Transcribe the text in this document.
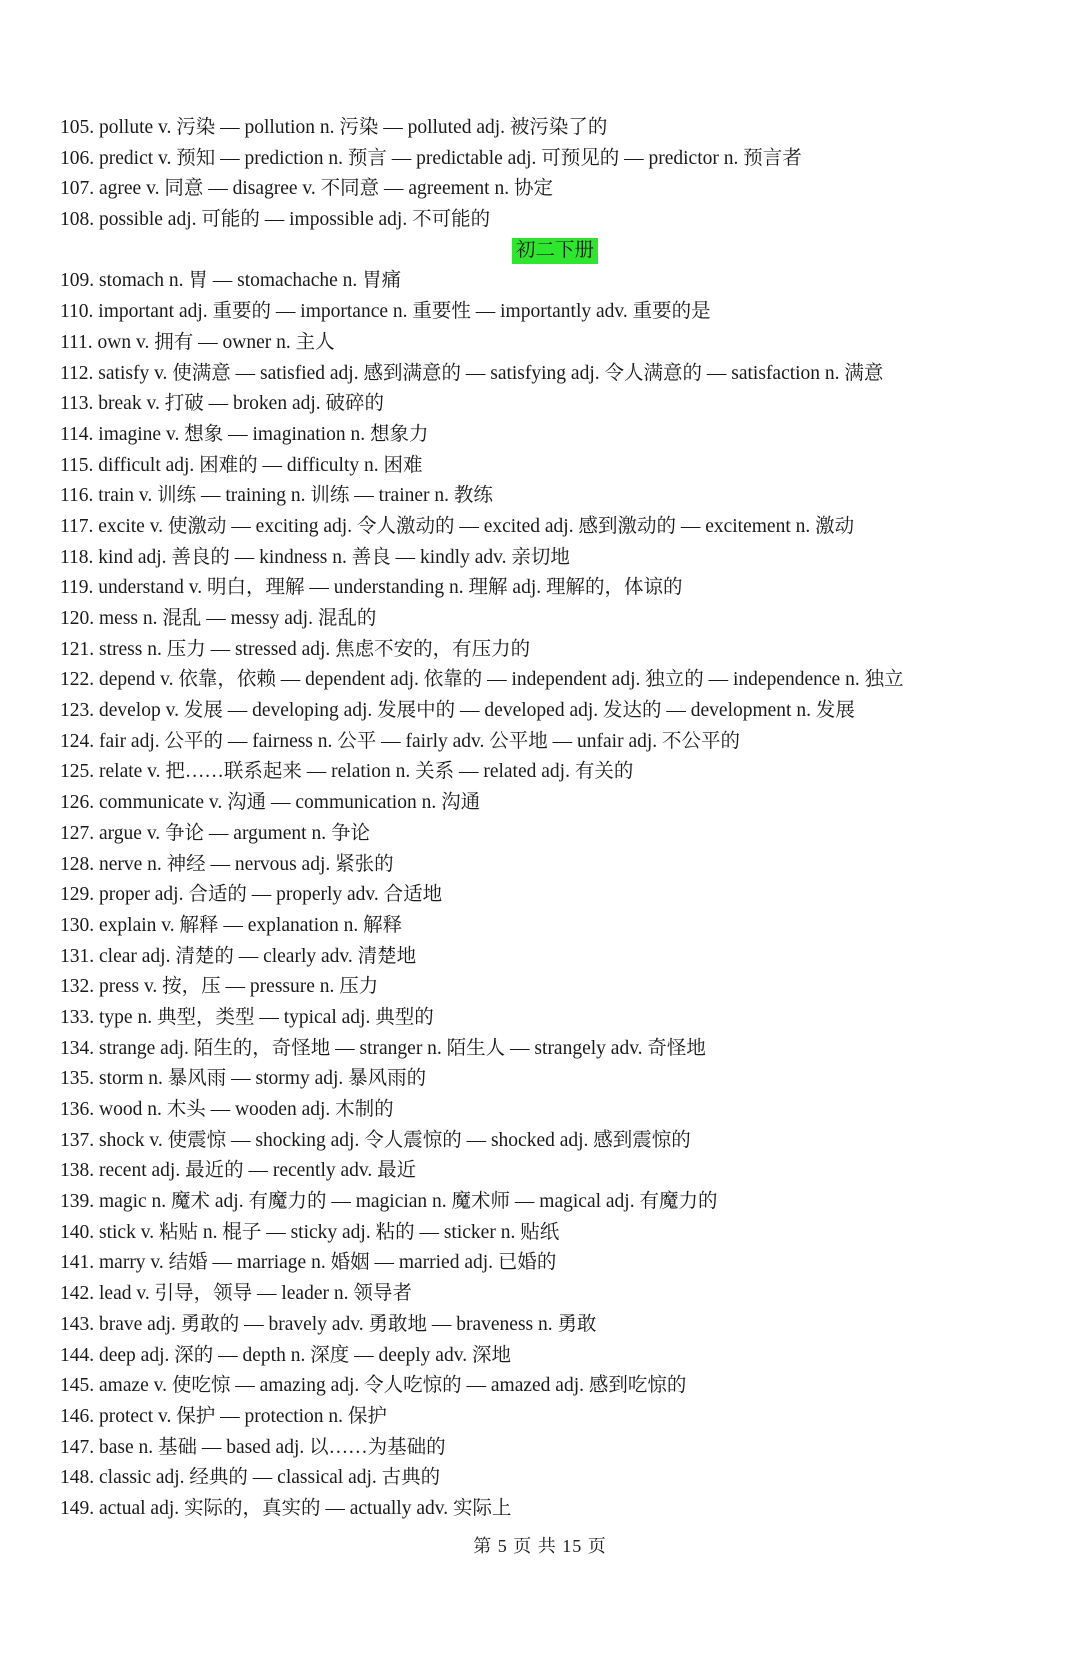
105. pollute v. 污染 — pollution n. 污染 — polluted adj. 被污染了的
106. predict v. 预知 — prediction n. 预言 — predictable adj. 可预见的 — predictor n. 预言者
107. agree v. 同意 — disagree v. 不同意 — agreement n. 协定
108. possible adj. 可能的 — impossible adj. 不可能的
初二下册
109. stomach n. 胃 — stomachache n. 胃痛
110. important adj. 重要的 — importance n. 重要性 — importantly adv. 重要的是
111. own v. 拥有 — owner n. 主人
112. satisfy v. 使满意 — satisfied adj. 感到满意的 — satisfying adj. 令人满意的 — satisfaction n. 满意
113. break v. 打破 — broken adj. 破碎的
114. imagine v. 想象 — imagination n. 想象力
115. difficult adj. 困难的 — difficulty n. 困难
116. train v. 训练 — training n. 训练 — trainer n. 教练
117. excite v. 使激动 — exciting adj. 令人激动的 — excited adj. 感到激动的 — excitement n. 激动
118. kind adj. 善良的 — kindness n. 善良 — kindly adv. 亲切地
119. understand v. 明白，理解 — understanding n. 理解 adj. 理解的，体谅的
120. mess n. 混乱 — messy adj. 混乱的
121. stress n. 压力 — stressed adj. 焦虑不安的，有压力的
122. depend v. 依靠，依赖 — dependent adj. 依靠的 — independent adj. 独立的 — independence n. 独立
123. develop v. 发展 — developing adj. 发展中的 — developed adj. 发达的 — development n. 发展
124. fair adj. 公平的 — fairness n. 公平 — fairly adv. 公平地 — unfair adj. 不公平的
125. relate v. 把……联系起来 — relation n. 关系 — related adj. 有关的
126. communicate v. 沟通 — communication n. 沟通
127. argue v. 争论 — argument n. 争论
128. nerve n. 神经 — nervous adj. 紧张的
129. proper adj. 合适的 — properly adv. 合适地
130. explain v. 解释 — explanation n. 解释
131. clear adj. 清楚的 — clearly adv. 清楚地
132. press v. 按，压 — pressure n. 压力
133. type n. 典型，类型 — typical adj. 典型的
134. strange adj. 陌生的，奇怪地 — stranger n. 陌生人 — strangely adv. 奇怪地
135. storm n. 暴风雨 — stormy adj. 暴风雨的
136. wood n. 木头 — wooden adj. 木制的
137. shock v. 使震惊 — shocking adj. 令人震惊的 — shocked adj. 感到震惊的
138. recent adj. 最近的 — recently adv. 最近
139. magic n. 魔术 adj. 有魔力的 — magician n. 魔术师 — magical adj. 有魔力的
140. stick v. 粘贴 n. 棍子 — sticky adj. 粘的 — sticker n. 贴纸
141. marry v. 结婚 — marriage n. 婚姻 — married adj. 已婚的
142. lead v. 引导，领导 — leader n. 领导者
143. brave adj. 勇敢的 — bravely adv. 勇敢地 — braveness n. 勇敢
144. deep adj. 深的 — depth n. 深度 — deeply adv. 深地
145. amaze v. 使吃惊 — amazing adj. 令人吃惊的 — amazed adj. 感到吃惊的
146. protect v. 保护 — protection n. 保护
147. base n. 基础 — based adj. 以……为基础的
148. classic adj. 经典的 — classical adj. 古典的
149. actual adj. 实际的，真实的 — actually adv. 实际上
第 5 页 共 15 页
